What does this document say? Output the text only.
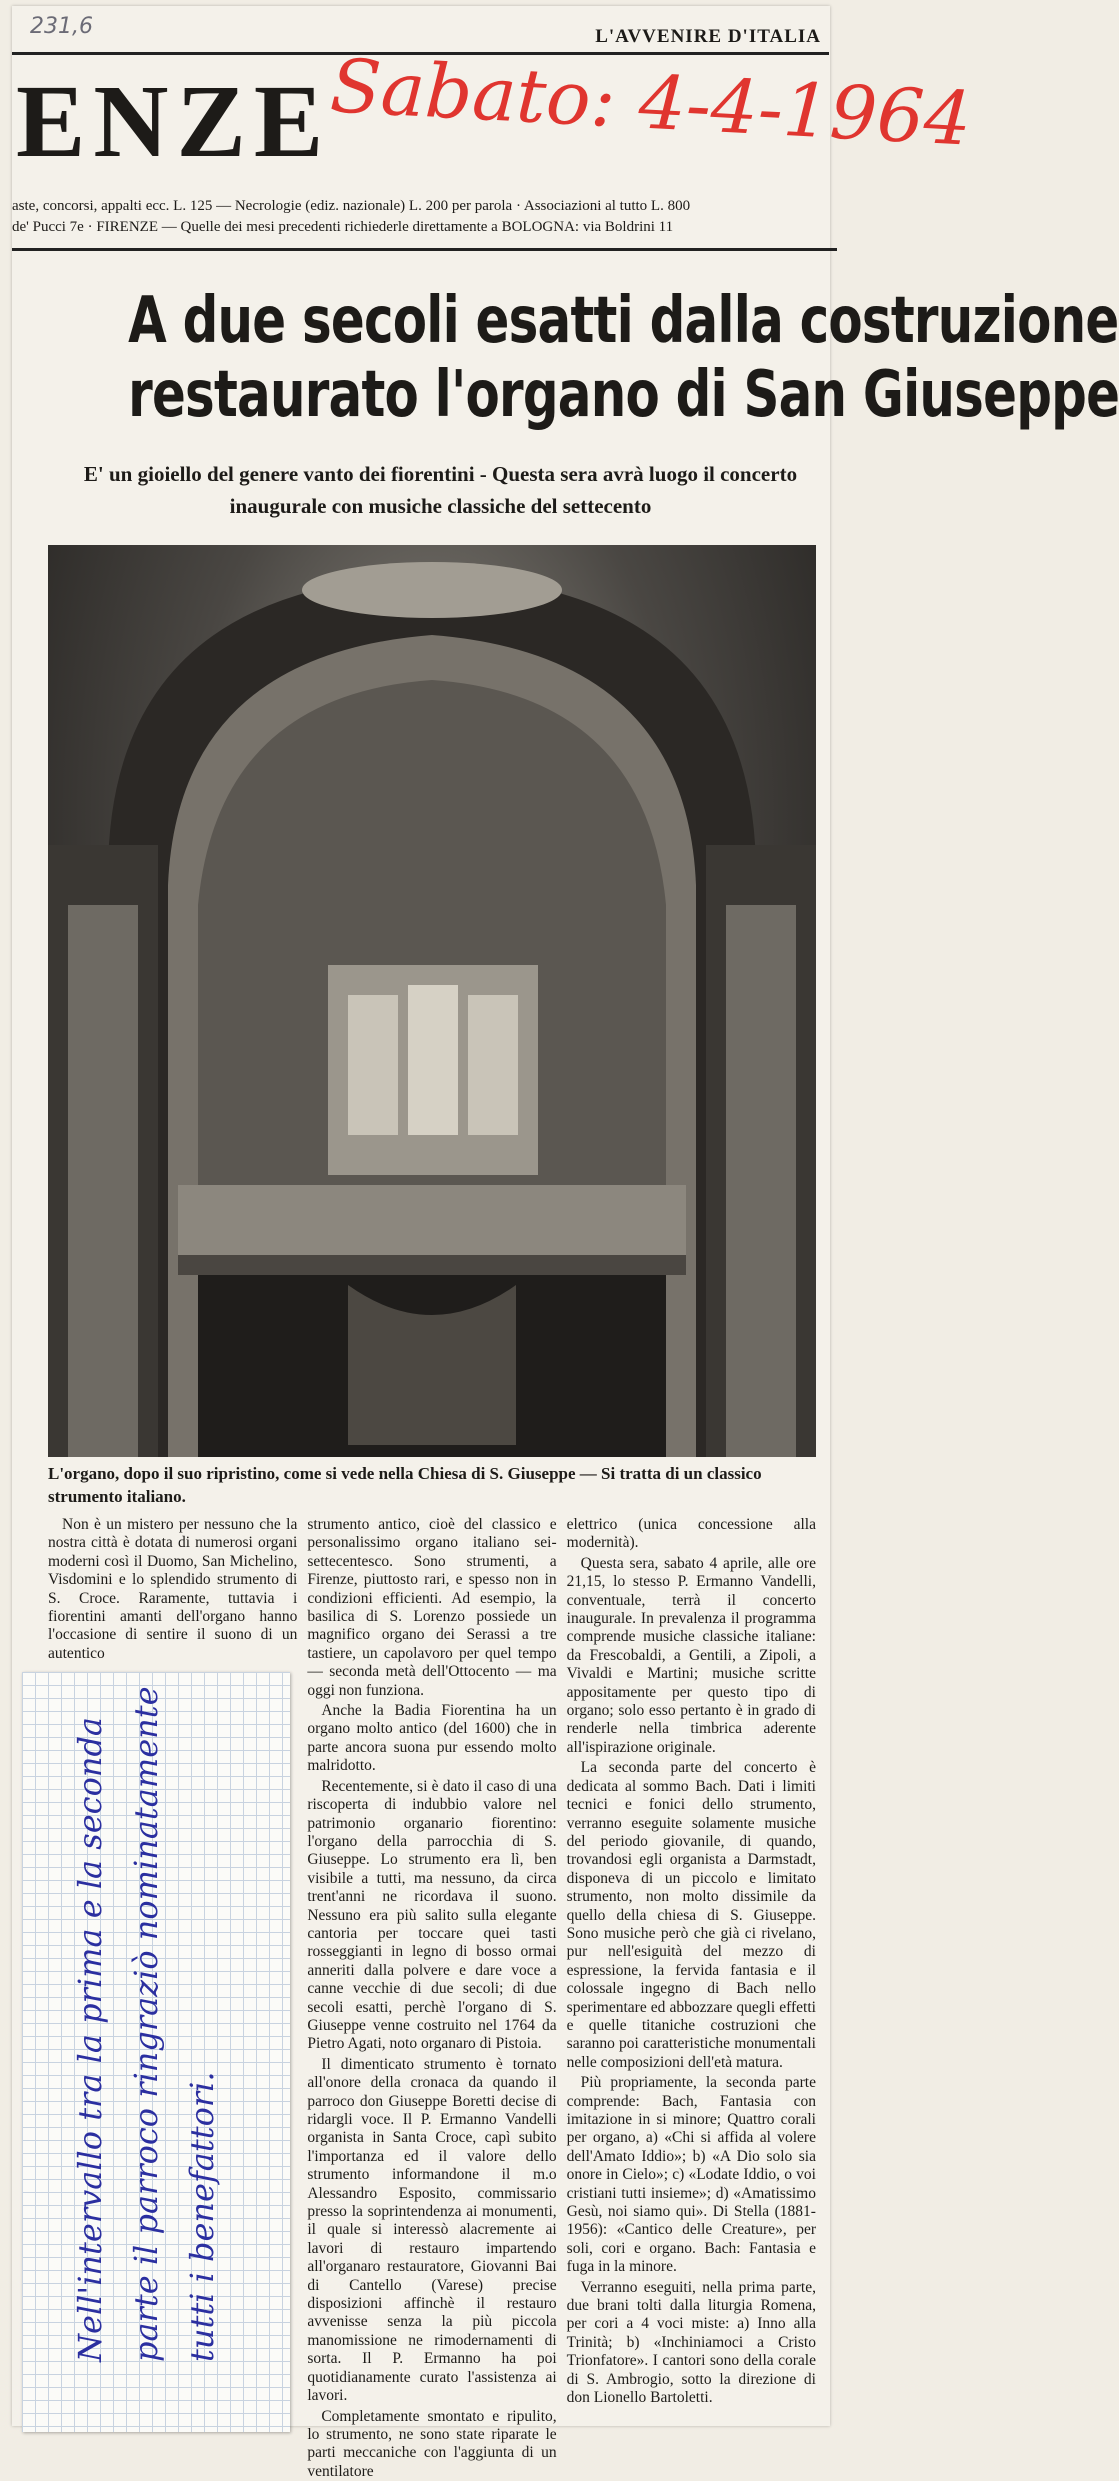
231,6	L'AVVENIRE D'ITALIA
ENZE
Sabato: 4-4-1964
aste, concorsi, appalti ecc. L. 125 — Necrologie (ediz. nazionale) L. 200 per parola · Associazioni al tutto L. 800
de' Pucci 7e · FIRENZE — Quelle dei mesi precedenti richiederle direttamente a BOLOGNA: via Boldrini 11
A due secoli esatti dalla costruzione
restaurato l'organo di San Giuseppe
E' un gioiello del genere vanto dei fiorentini - Questa sera avrà luogo il concerto inaugurale con musiche classiche del settecento
L'organo, dopo il suo ripristino, come si vede nella Chiesa di S. Giuseppe — Si tratta di un classico strumento italiano.

Non è un mistero per nessuno che la nostra città è dotata di numerosi organi moderni così il Duomo, San Michelino, Visdomini e lo splendido strumento di S. Croce. Raramente, tuttavia i fiorentini amanti dell'organo hanno l'occasione di sentire il suono di un autentico

strumento antico, cioè del classico e personalissimo organo italiano sei-settecentesco. Sono strumenti, a Firenze, piuttosto rari, e spesso non in condizioni efficienti. Ad esempio, la basilica di S. Lorenzo possiede un magnifico organo dei Serassi a tre tastiere, un capolavoro per quel tempo — seconda metà dell'Ottocento — ma oggi non funziona.

Anche la Badia Fiorentina ha un organo molto antico (del 1600) che in parte ancora suona pur essendo molto malridotto.

Recentemente, si è dato il caso di una riscoperta di indubbio valore nel patrimonio organario fiorentino: l'organo della parrocchia di S. Giuseppe. Lo strumento era lì, ben visibile a tutti, ma nessuno, da circa trent'anni ne ricordava il suono. Nessuno era più salito sulla elegante cantoria per toccare quei tasti rosseggianti in legno di bosso ormai anneriti dalla polvere e dare voce a canne vecchie di due secoli; di due secoli esatti, perchè l'organo di S. Giuseppe venne costruito nel 1764 da Pietro Agati, noto organaro di Pistoia.

Il dimenticato strumento è tornato all'onore della cronaca da quando il parroco don Giuseppe Boretti decise di ridargli voce. Il P. Ermanno Vandelli organista in Santa Croce, capì subito l'importanza ed il valore dello strumento informandone il m.o Alessandro Esposito, commissario presso la soprintendenza ai monumenti, il quale si interessò alacremente ai lavori di restauro impartendo all'organaro restauratore, Giovanni Bai di Cantello (Varese) precise disposizioni affinchè il restauro avvenisse senza la più piccola manomissione ne rimodernamenti di sorta. Il P. Ermanno ha poi quotidianamente curato l'assistenza ai lavori.

Completamente smontato e ripulito, lo strumento, ne sono state riparate le parti meccaniche con l'aggiunta di un ventilatore

elettrico (unica concessione alla modernità).

Questa sera, sabato 4 aprile, alle ore 21,15, lo stesso P. Ermanno Vandelli, conventuale, terrà il concerto inaugurale. In prevalenza il programma comprende musiche classiche italiane: da Frescobaldi, a Gentili, a Zipoli, a Vivaldi e Martini; musiche scritte appositamente per questo tipo di organo; solo esso pertanto è in grado di renderle nella timbrica aderente all'ispirazione originale.

La seconda parte del concerto è dedicata al sommo Bach. Dati i limiti tecnici e fonici dello strumento, verranno eseguite solamente musiche del periodo giovanile, di quando, trovandosi egli organista a Darmstadt, disponeva di un piccolo e limitato strumento, non molto dissimile da quello della chiesa di S. Giuseppe. Sono musiche però che già ci rivelano, pur nell'esiguità del mezzo di espressione, la fervida fantasia e il colossale ingegno di Bach nello sperimentare ed abbozzare quegli effetti e quelle titaniche costruzioni che saranno poi caratteristiche monumentali nelle composizioni dell'età matura.

Più propriamente, la seconda parte comprende: Bach, Fantasia con imitazione in si minore; Quattro corali per organo, a) «Chi si affida al volere dell'Amato Iddio»; b) «A Dio solo sia onore in Cielo»; c) «Lodate Iddio, o voi cristiani tutti insieme»; d) «Amatissimo Gesù, noi siamo qui». Di Stella (1881-1956): «Cantico delle Creature», per soli, cori e organo. Bach: Fantasia e fuga in la minore.

Verranno eseguiti, nella prima parte, due brani tolti dalla liturgia Romena, per cori a 4 voci miste: a) Inno alla Trinità; b) «Inchiniamoci a Cristo Trionfatore». I cantori sono della corale di S. Ambrogio, sotto la direzione di don Lionello Bartoletti.

Nell'intervallo tra la prima e la seconda parte il parroco ringraziò nominatamente tutti i benefattori.
